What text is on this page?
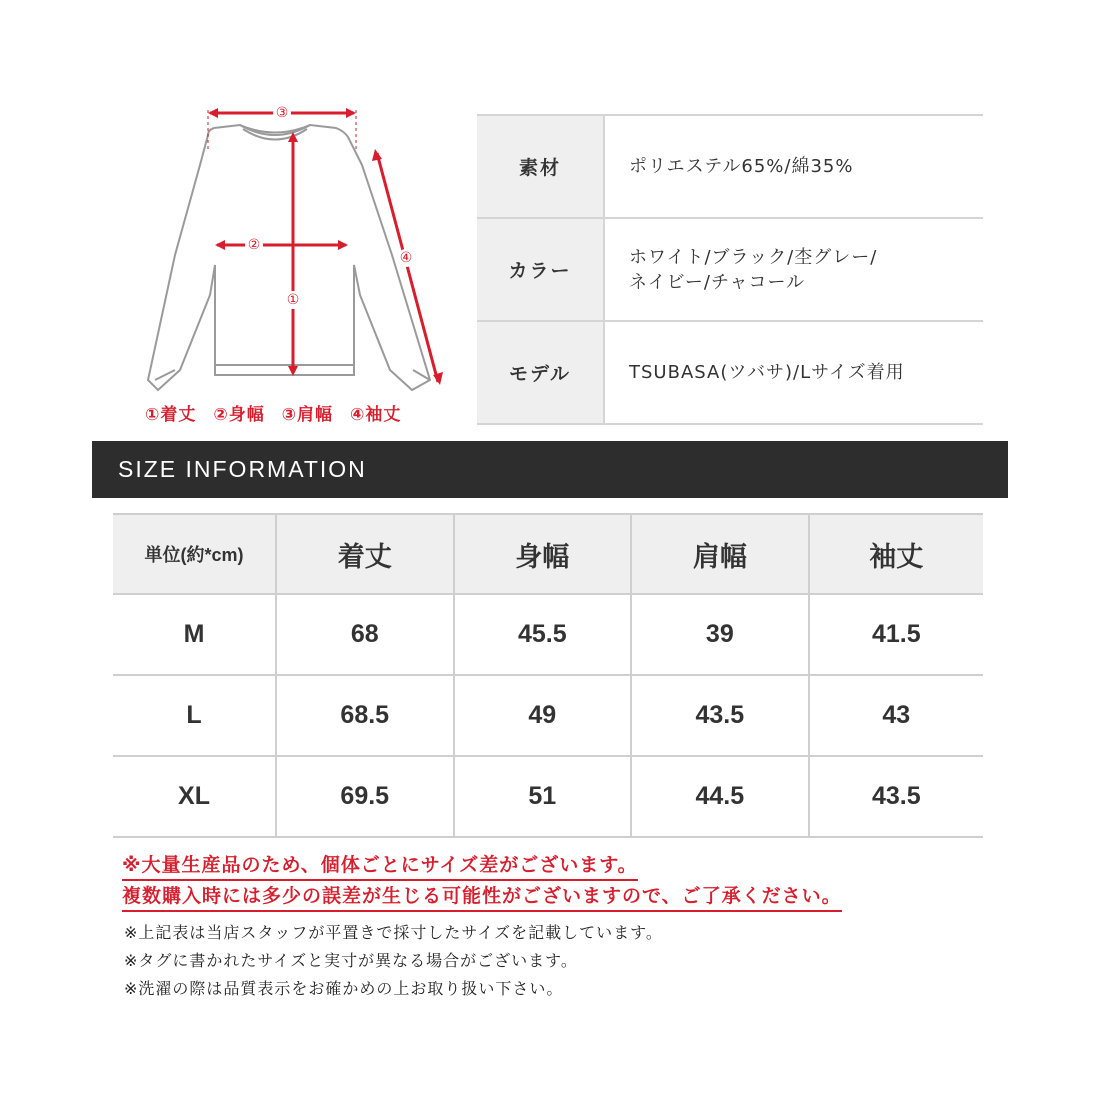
③
②
①
④
①着丈 ②身幅 ③肩幅 ④袖丈
素材	ポリエステル65%/綿35%
カラー
ホワイト/ブラック/杢グレー/
ネイビー/チャコール
モデル	TSUBASA(ツバサ)/Lサイズ着用
SIZE INFORMATION
単位(約*cm)	着丈	身幅	肩幅	袖丈
M	68	45.5	39	41.5
L	68.5	49	43.5	43
XL	69.5	51	44.5	43.5
※大量生産品のため、個体ごとにサイズ差がございます。
複数購入時には多少の誤差が生じる可能性がございますので、ご了承ください。
※上記表は当店スタッフが平置きで採寸したサイズを記載しています。
※タグに書かれたサイズと実寸が異なる場合がございます。
※洗濯の際は品質表示をお確かめの上お取り扱い下さい。
